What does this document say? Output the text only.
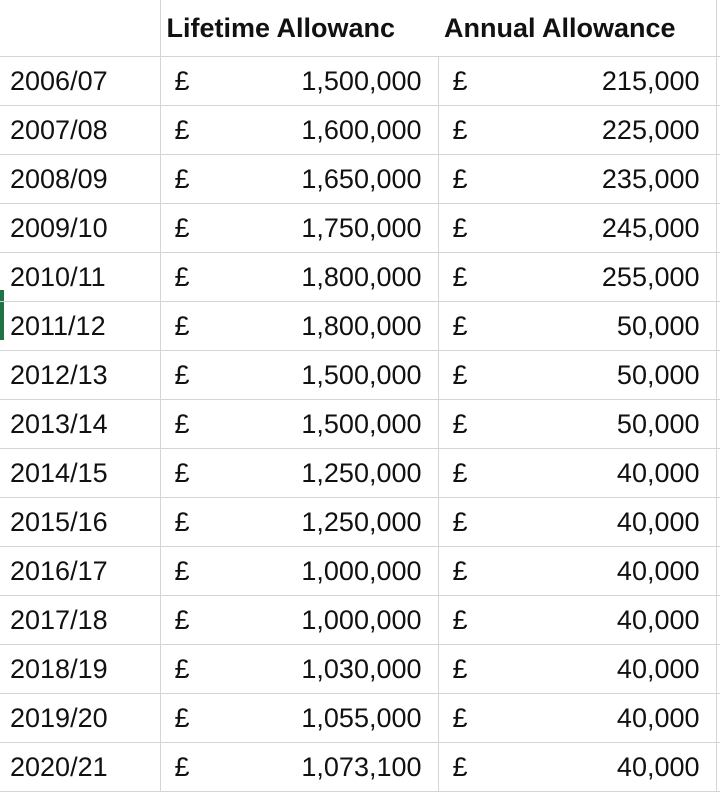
	Lifetime Allowanc		Annual Allowance		
2006/07	£	1,500,000	£	215,000	
2007/08	£	1,600,000	£	225,000	
2008/09	£	1,650,000	£	235,000	
2009/10	£	1,750,000	£	245,000	
2010/11	£	1,800,000	£	255,000	
2011/12	£	1,800,000	£	50,000	
2012/13	£	1,500,000	£	50,000	
2013/14	£	1,500,000	£	50,000	
2014/15	£	1,250,000	£	40,000	
2015/16	£	1,250,000	£	40,000	
2016/17	£	1,000,000	£	40,000	
2017/18	£	1,000,000	£	40,000	
2018/19	£	1,030,000	£	40,000	
2019/20	£	1,055,000	£	40,000	
2020/21	£	1,073,100	£	40,000	
